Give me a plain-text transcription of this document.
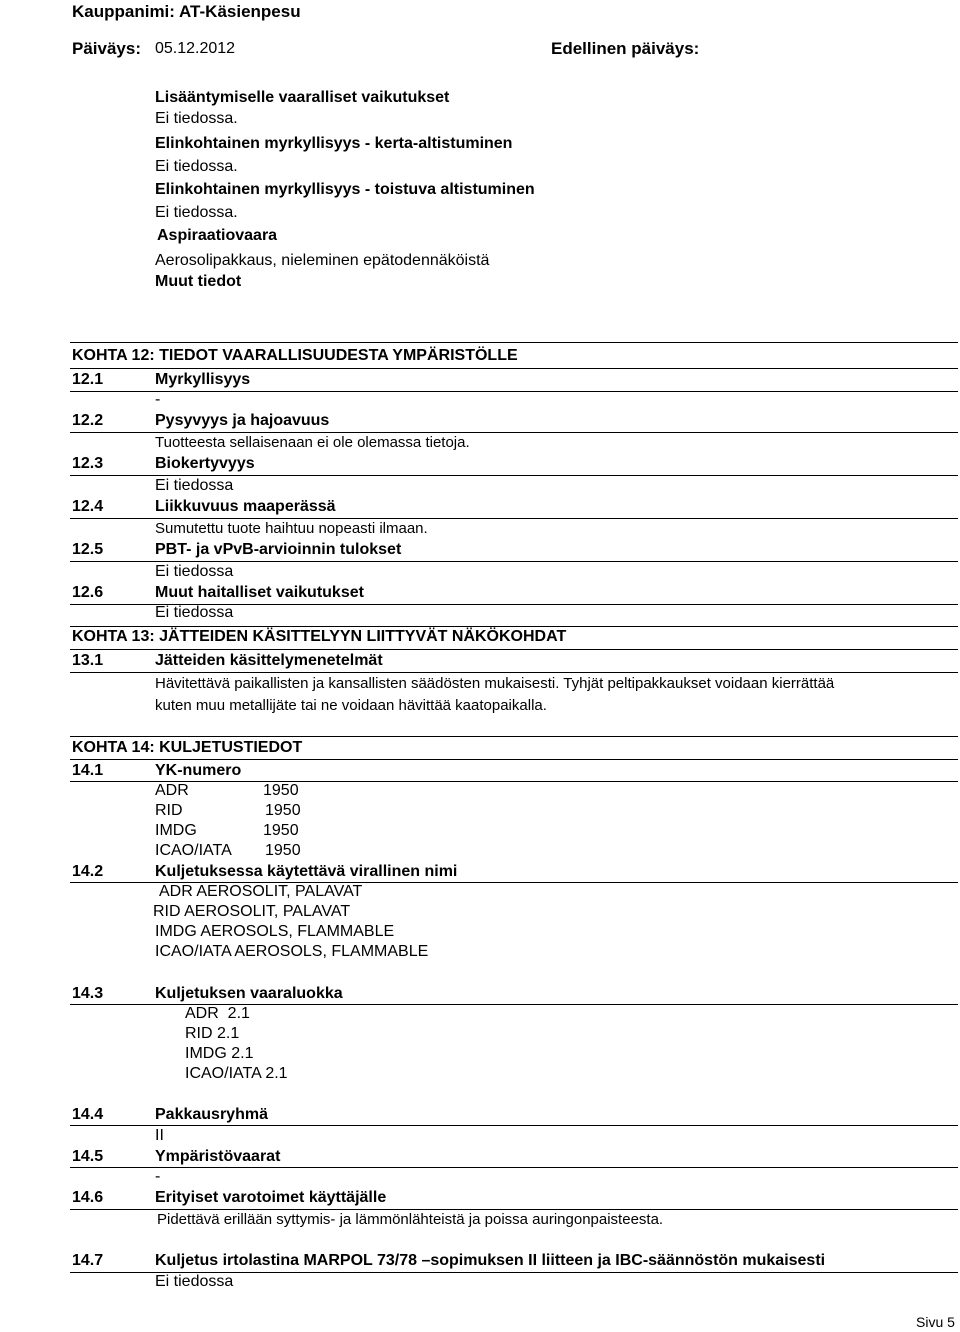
Kauppanimi: AT-Käsienpesu
Päiväys: 05.12.2012	Edellinen päiväys:
Lisääntymiselle vaaralliset vaikutukset
Ei tiedossa.
Elinkohtainen myrkyllisyys - kerta-altistuminen
Ei tiedossa.
Elinkohtainen myrkyllisyys - toistuva altistuminen
Ei tiedossa.
Aspiraatiovaara
Aerosolipakkaus, nieleminen epätodennäköistä
Muut tiedot
KOHTA 12: TIEDOT VAARALLISUUDESTA YMPÄRISTÖLLE
12.1	Myrkyllisyys
-
12.2	Pysyvyys ja hajoavuus
Tuotteesta sellaisenaan ei ole olemassa tietoja.
12.3	Biokertyvyys
Ei tiedossa
12.4	Liikkuvuus maaperässä
Sumutettu tuote haihtuu nopeasti ilmaan.
12.5	PBT- ja vPvB-arvioinnin tulokset
Ei tiedossa
12.6	Muut haitalliset vaikutukset
Ei tiedossa
KOHTA 13: JÄTTEIDEN KÄSITTELYYN LIITTYVÄT NÄKÖKOHDAT
13.1	Jätteiden käsittelymenetelmät
Hävitettävä paikallisten ja kansallisten säädösten mukaisesti. Tyhjät peltipakkaukset voidaan kierrättää
kuten muu metallijäte tai ne voidaan hävittää kaatopaikalla.
KOHTA 14: KULJETUSTIEDOT
14.1	YK-numero
ADR	1950
RID	1950
IMDG	1950
ICAO/IATA 1950
14.2	Kuljetuksessa käytettävä virallinen nimi
ADR AEROSOLIT, PALAVAT
RID AEROSOLIT, PALAVAT
IMDG AEROSOLS, FLAMMABLE
ICAO/IATA AEROSOLS, FLAMMABLE
14.3	Kuljetuksen vaaraluokka
ADR  2.1
RID 2.1
IMDG 2.1
ICAO/IATA 2.1
14.4	Pakkausryhmä
II
14.5	Ympäristövaarat
-
14.6	Erityiset varotoimet käyttäjälle
Pidettävä erillään syttymis- ja lämmönlähteistä ja poissa auringonpaisteesta.
14.7	Kuljetus irtolastina MARPOL 73/78 –sopimuksen II liitteen ja IBC-säännöstön mukaisesti
Ei tiedossa
Sivu 5
